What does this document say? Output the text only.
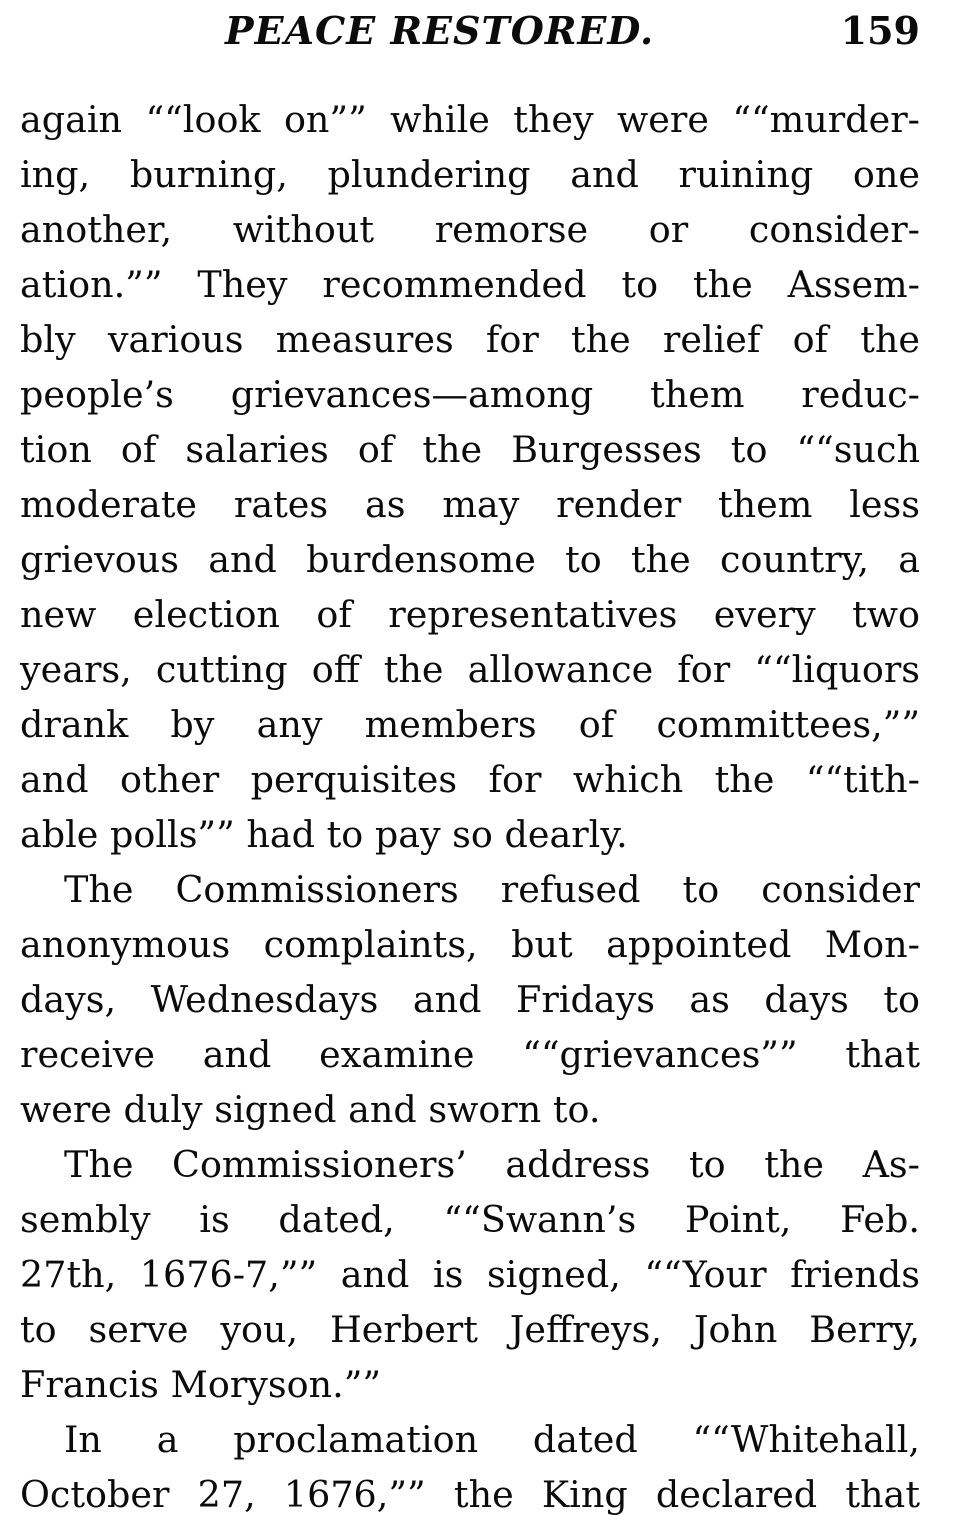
PEACE RESTORED.	159
again ““look on”” while they were ““murder-
ing, burning, plundering and ruining one
another, without remorse or consider-
ation.”” They recommended to the Assem-
bly various measures for the relief of the
people’s grievances—among them reduc-
tion of salaries of the Burgesses to ““such
moderate rates as may render them less
grievous and burdensome to the country, a
new election of representatives every two
years, cutting off the allowance for ““liquors
drank by any members of committees,””
and other perquisites for which the ““tith-
able polls”” had to pay so dearly.
The Commissioners refused to consider
anonymous complaints, but appointed Mon-
days, Wednesdays and Fridays as days to
receive and examine ““grievances”” that
were duly signed and sworn to.
The Commissioners’ address to the As-
sembly is dated, ““Swann’s Point, Feb.
27th, 1676-7,”” and is signed, ““Your friends
to serve you, Herbert Jeffreys, John Berry,
Francis Moryson.””
In a proclamation dated ““Whitehall,
October 27, 1676,”” the King declared that
